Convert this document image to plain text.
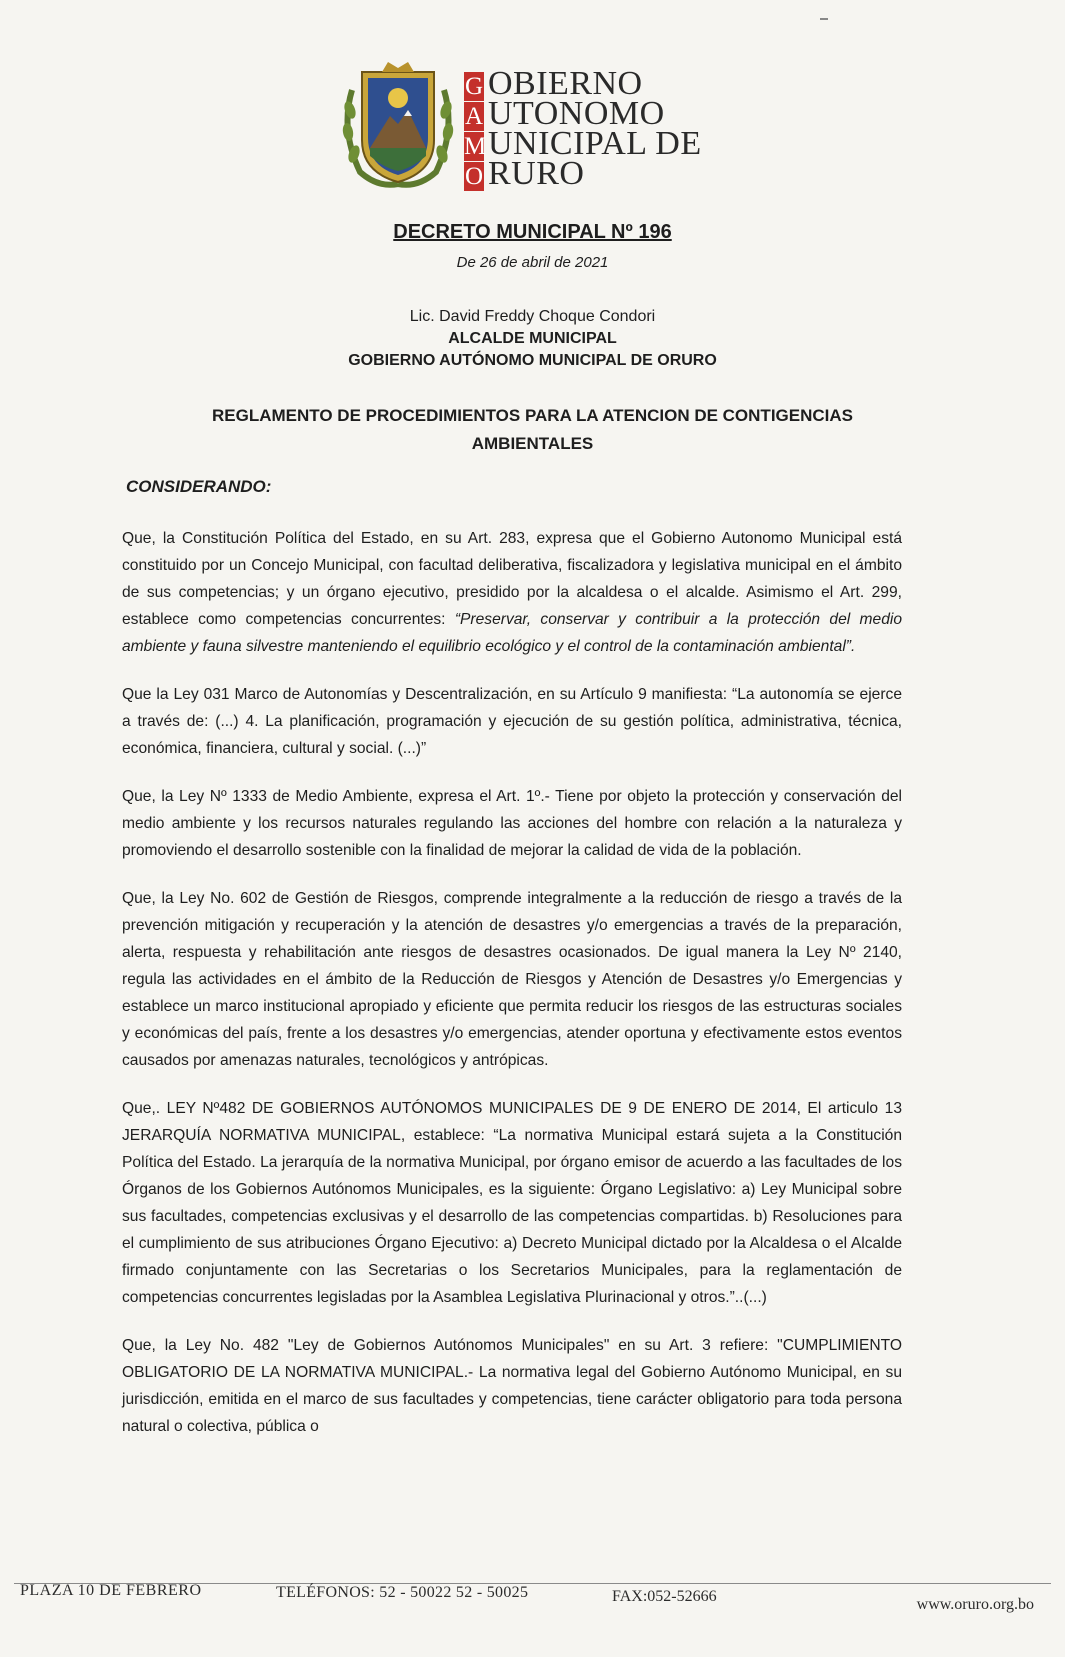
G
A
M
O
OBIERNO
UTONOMO
UNICIPAL DE
RURO
DECRETO MUNICIPAL Nº 196
De 26 de abril de 2021
Lic. David Freddy Choque Condori
ALCALDE MUNICIPAL
GOBIERNO AUTÓNOMO MUNICIPAL DE ORURO
REGLAMENTO DE PROCEDIMIENTOS PARA LA ATENCION DE CONTIGENCIAS
AMBIENTALES
CONSIDERANDO:

Que, la Constitución Política del Estado, en su Art. 283, expresa que el Gobierno Autonomo Municipal está constituido por un Concejo Municipal, con facultad deliberativa, fiscalizadora y legislativa municipal en el ámbito de sus competencias; y un órgano ejecutivo, presidido por la alcaldesa o el alcalde. Asimismo el Art. 299, establece como competencias concurrentes: “Preservar, conservar y contribuir a la protección del medio ambiente y fauna silvestre manteniendo el equilibrio ecológico y el control de la contaminación ambiental”.

Que la Ley 031 Marco de Autonomías y Descentralización, en su Artículo 9 manifiesta: “La autonomía se ejerce a través de: (...) 4. La planificación, programación y ejecución de su gestión política, administrativa, técnica, económica, financiera, cultural y social. (...)”

Que, la Ley Nº 1333 de Medio Ambiente, expresa el Art. 1º.- Tiene por objeto la protección y conservación del medio ambiente y los recursos naturales regulando las acciones del hombre con relación a la naturaleza y promoviendo el desarrollo sostenible con la finalidad de mejorar la calidad de vida de la población.

Que, la Ley No. 602 de Gestión de Riesgos, comprende integralmente a la reducción de riesgo a través de la prevención mitigación y recuperación y la atención de desastres y/o emergencias a través de la preparación, alerta, respuesta y rehabilitación ante riesgos de desastres ocasionados. De igual manera la Ley Nº 2140, regula las actividades en el ámbito de la Reducción de Riesgos y Atención de Desastres y/o Emergencias y establece un marco institucional apropiado y eficiente que permita reducir los riesgos de las estructuras sociales y económicas del país, frente a los desastres y/o emergencias, atender oportuna y efectivamente estos eventos causados por amenazas naturales, tecnológicos y antrópicas.

Que,. LEY Nº482 DE GOBIERNOS AUTÓNOMOS MUNICIPALES DE 9 DE ENERO DE 2014, El articulo 13 JERARQUÍA NORMATIVA MUNICIPAL, establece: “La normativa Municipal estará sujeta a la Constitución Política del Estado. La jerarquía de la normativa Municipal, por órgano emisor de acuerdo a las facultades de los Órganos de los Gobiernos Autónomos Municipales, es la siguiente: Órgano Legislativo: a) Ley Municipal sobre sus facultades, competencias exclusivas y el desarrollo de las competencias compartidas. b) Resoluciones para el cumplimiento de sus atribuciones Órgano Ejecutivo: a) Decreto Municipal dictado por la Alcaldesa o el Alcalde firmado conjuntamente con las Secretarias o los Secretarios Municipales, para la reglamentación de competencias concurrentes legisladas por la Asamblea Legislativa Plurinacional y otros.”..(...)

Que, la Ley No. 482 "Ley de Gobiernos Autónomos Municipales" en su Art. 3 refiere: "CUMPLIMIENTO OBLIGATORIO DE LA NORMATIVA MUNICIPAL.- La normativa legal del Gobierno Autónomo Municipal, en su jurisdicción, emitida en el marco de sus facultades y competencias, tiene carácter obligatorio para toda persona natural o colectiva, pública o

PLAZA 10 DE FEBRERO	TELÉFONOS: 52 - 50022 52 - 50025	FAX:052-52666	www.oruro.org.bo
